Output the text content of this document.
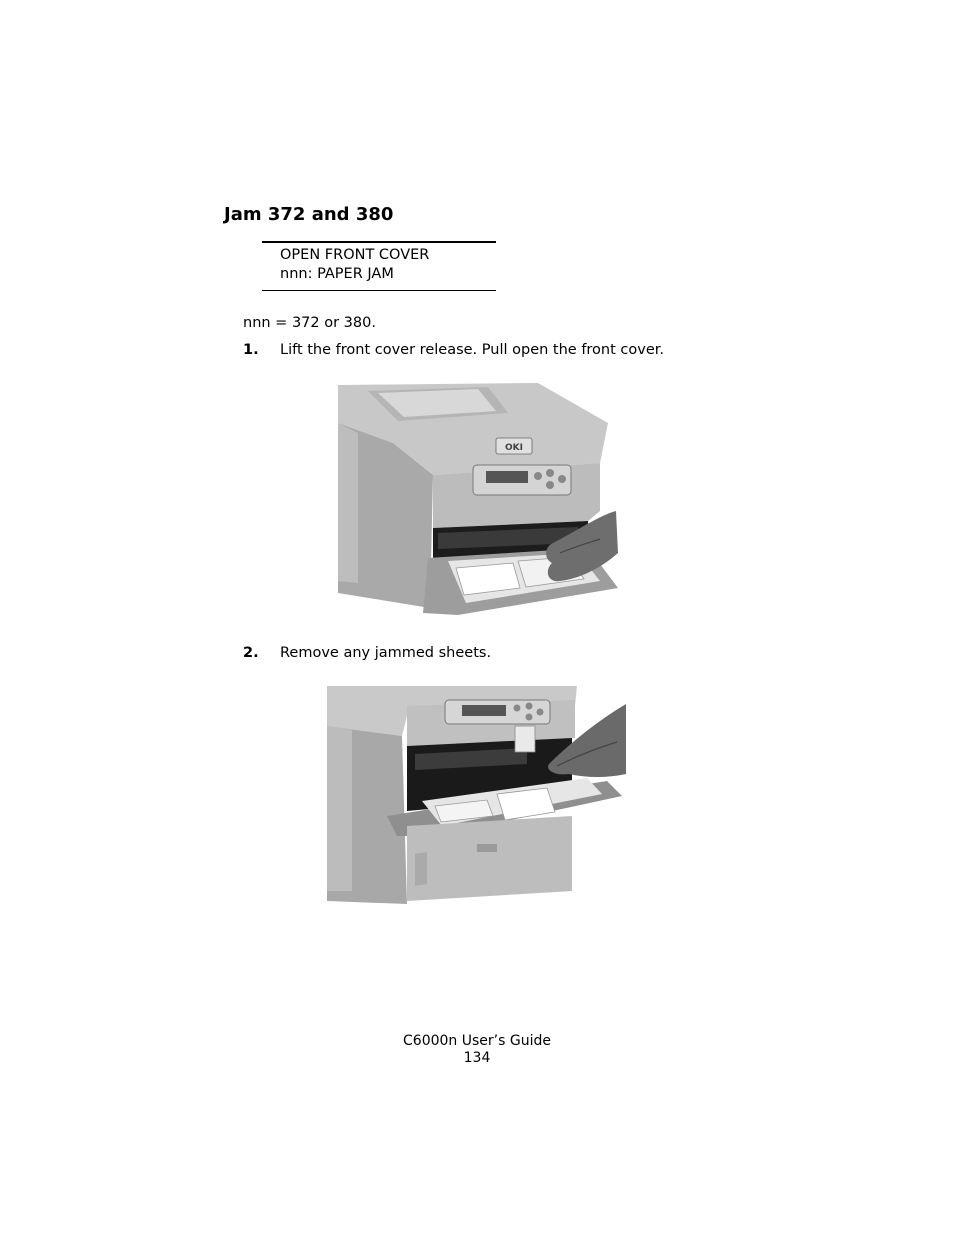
Jam 372 and 380
OPEN FRONT COVER
nnn: PAPER JAM
nnn = 372 or 380.
1. Lift the front cover release. Pull open the front cover.
OKI
2. Remove any jammed sheets.
C6000n User’s Guide
134
